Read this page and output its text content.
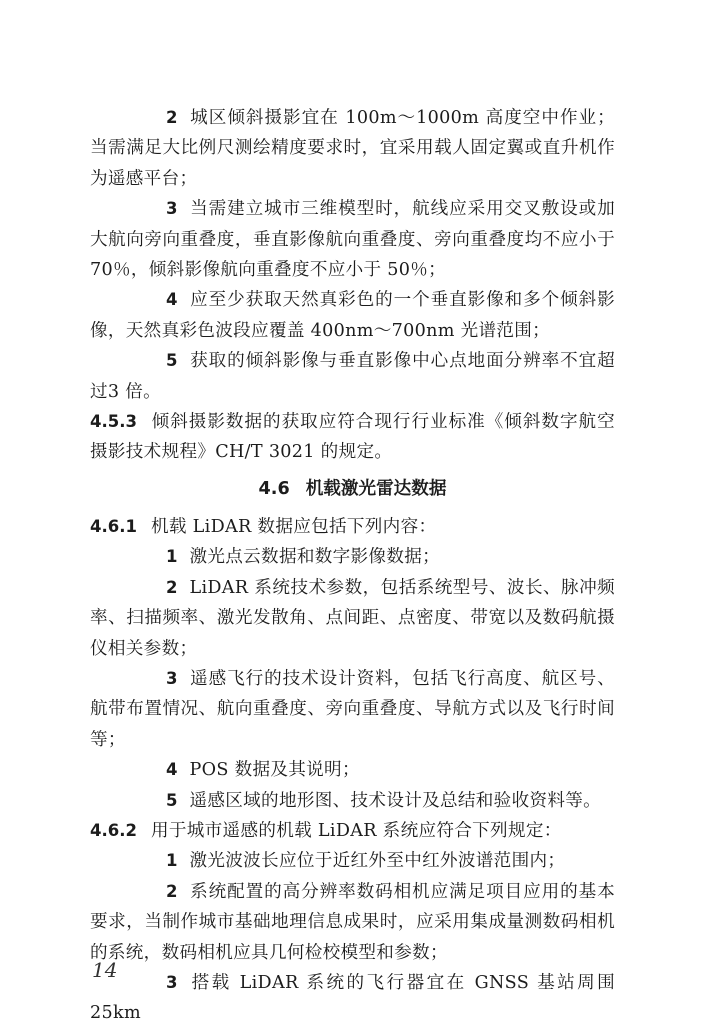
2 城区倾斜摄影宜在 100m～1000m 高度空中作业；当需满足大比例尺测绘精度要求时，宜采用载人固定翼或直升机作为遥感平台；

3 当需建立城市三维模型时，航线应采用交叉敷设或加大航向旁向重叠度，垂直影像航向重叠度、旁向重叠度均不应小于70％，倾斜影像航向重叠度不应小于 50％；

4 应至少获取天然真彩色的一个垂直影像和多个倾斜影像，天然真彩色波段应覆盖 400nm～700nm 光谱范围；

5 获取的倾斜影像与垂直影像中心点地面分辨率不宜超过3 倍。

4.5.3 倾斜摄影数据的获取应符合现行行业标准《倾斜数字航空摄影技术规程》CH/T 3021 的规定。

4.6 机载激光雷达数据

4.6.1 机载 LiDAR 数据应包括下列内容：

1 激光点云数据和数字影像数据；

2 LiDAR 系统技术参数，包括系统型号、波长、脉冲频率、扫描频率、激光发散角、点间距、点密度、带宽以及数码航摄仪相关参数；

3 遥感飞行的技术设计资料，包括飞行高度、航区号、航带布置情况、航向重叠度、旁向重叠度、导航方式以及飞行时间等；

4 POS 数据及其说明；

5 遥感区域的地形图、技术设计及总结和验收资料等。

4.6.2 用于城市遥感的机载 LiDAR 系统应符合下列规定：

1 激光波波长应位于近红外至中红外波谱范围内；

2 系统配置的高分辨率数码相机应满足项目应用的基本要求，当制作城市基础地理信息成果时，应采用集成量测数码相机的系统，数码相机应具几何检校模型和参数；

3 搭载 LiDAR 系统的飞行器宜在 GNSS 基站周围 25km

14
